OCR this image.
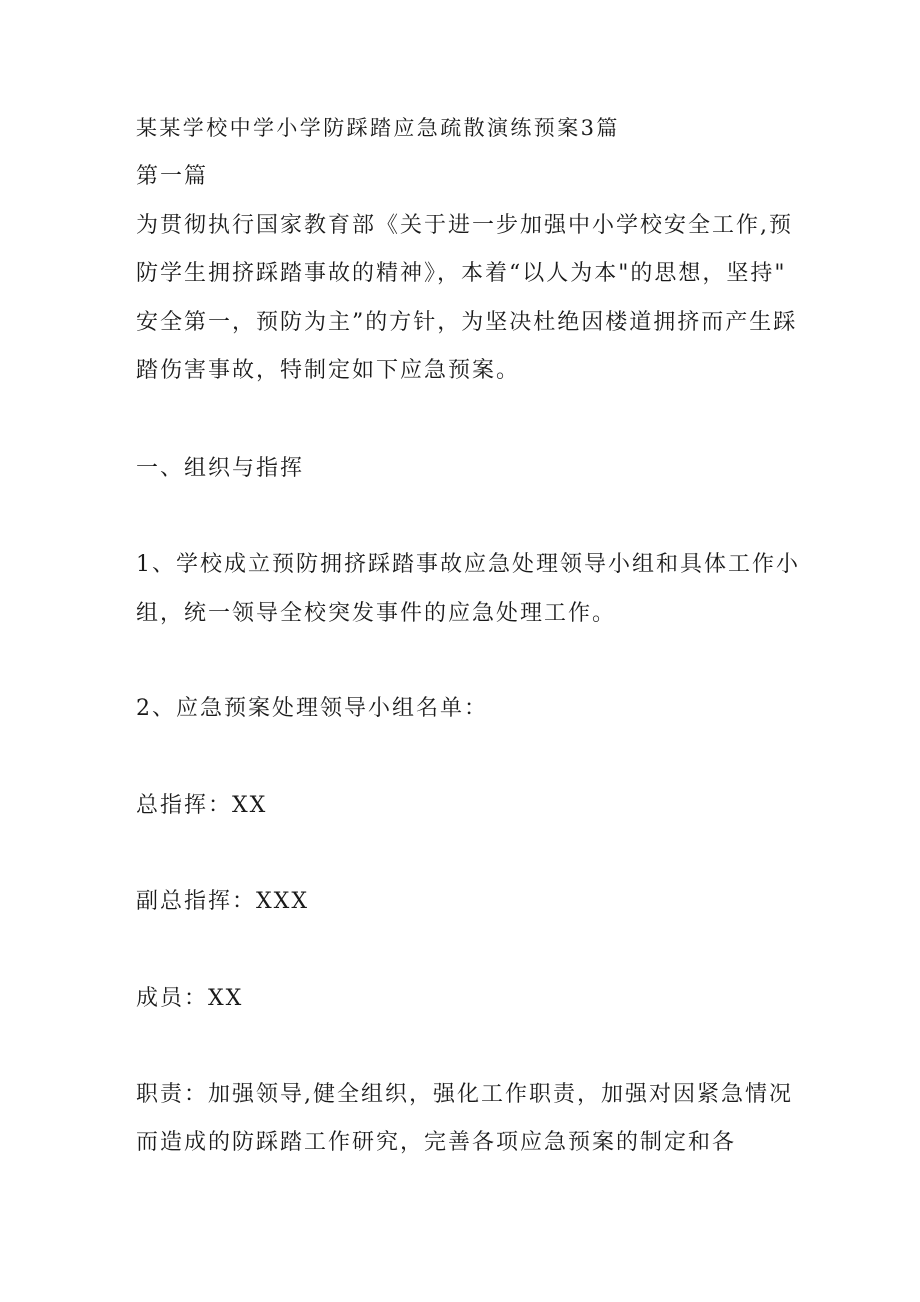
某某学校中学小学防踩踏应急疏散演练预案3篇
第一篇
为贯彻执行国家教育部《关于进一步加强中小学校安全工作,预
防学生拥挤踩踏事故的精神》，本着“以人为本"的思想，坚持"
安全第一，预防为主”的方针，为坚决杜绝因楼道拥挤而产生踩
踏伤害事故，特制定如下应急预案。
一、组织与指挥
1、学校成立预防拥挤踩踏事故应急处理领导小组和具体工作小
组，统一领导全校突发事件的应急处理工作。
2、应急预案处理领导小组名单：
总指挥：XX
副总指挥：XXX
成员：XX
职责：加强领导,健全组织，强化工作职责，加强对因紧急情况
而造成的防踩踏工作研究，完善各项应急预案的制定和各
